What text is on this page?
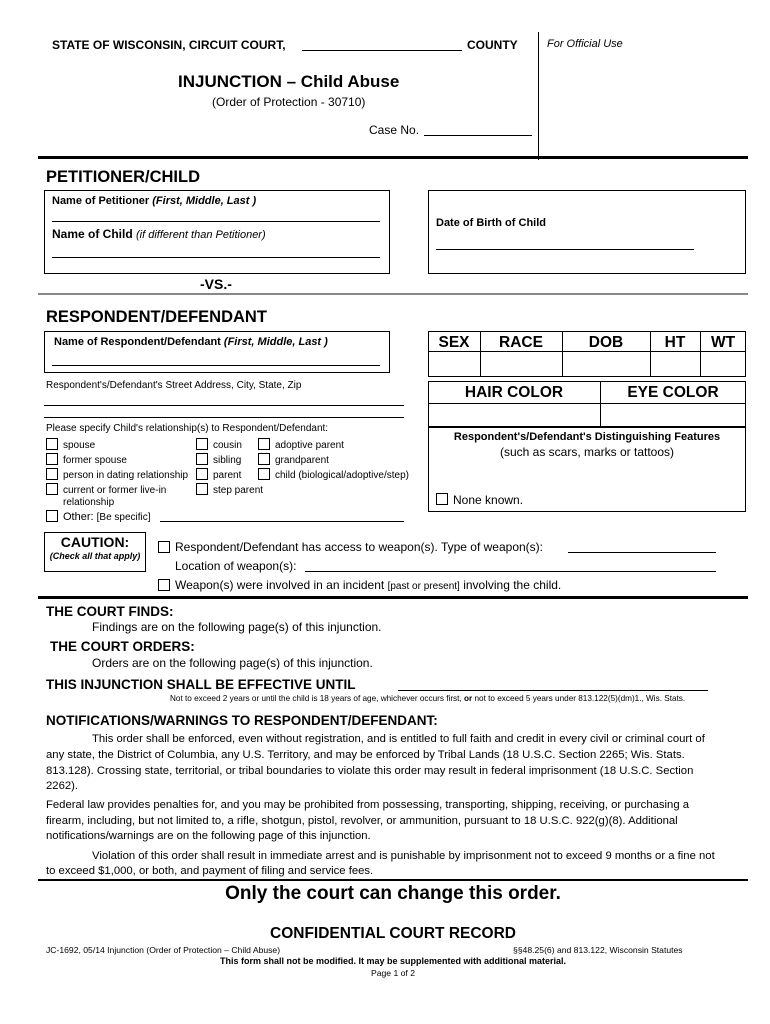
STATE OF WISCONSIN, CIRCUIT COURT,	COUNTY	For Official Use
INJUNCTION – Child Abuse
(Order of Protection - 30710)
Case No.
PETITIONER/CHILD
Name of Petitioner (First, Middle, Last )
Name of Child (if different than Petitioner)
Date of Birth of Child
-VS.-
RESPONDENT/DEFENDANT
Name of Respondent/Defendant (First, Middle, Last )
Respondent's/Defendant's Street Address, City, State, Zip
Please specify Child's relationship(s) to Respondent/Defendant:
spouse
former spouse
person in dating relationship
current or former live-in
relationship
cousin
sibling
parent
step parent
adoptive parent
grandparent
child (biological/adoptive/step)
Other: [Be specific]
SEX	RACE	DOB	HT	WT
HAIR COLOR	EYE COLOR
Respondent's/Defendant's Distinguishing Features
(such as scars, marks or tattoos)
None known.
CAUTION:
(Check all that apply)
Respondent/Defendant has access to weapon(s). Type of weapon(s):
Location of weapon(s):
Weapon(s) were involved in an incident [past or present] involving the child.
THE COURT FINDS:
Findings are on the following page(s) of this injunction.
THE COURT ORDERS:
Orders are on the following page(s) of this injunction.
THIS INJUNCTION SHALL BE EFFECTIVE UNTIL
Not to exceed 2 years or until the child is 18 years of age, whichever occurs first, or not to exceed 5 years under 813.122(5)(dm)1., Wis. Stats.
NOTIFICATIONS/WARNINGS TO RESPONDENT/DEFENDANT:
This order shall be enforced, even without registration, and is entitled to full faith and credit in every civil or criminal court of
any state, the District of Columbia, any U.S. Territory, and may be enforced by Tribal Lands (18 U.S.C. Section 2265; Wis. Stats. 813.128). Crossing state, territorial, or tribal boundaries to violate this order may result in federal imprisonment (18 U.S.C. Section 2262).
Federal law provides penalties for, and you may be prohibited from possessing, transporting, shipping, receiving, or purchasing a firearm, including, but not limited to, a rifle, shotgun, pistol, revolver, or ammunition, pursuant to 18 U.S.C. 922(g)(8). Additional notifications/warnings are on the following page of this injunction.
Violation of this order shall result in immediate arrest and is punishable by imprisonment not to exceed 9 months or a fine not
to exceed $1,000, or both, and payment of filing and service fees.
Only the court can change this order.
CONFIDENTIAL COURT RECORD
JC-1692, 05/14 Injunction (Order of Protection – Child Abuse)	§§48.25(6) and 813.122, Wisconsin Statutes
This form shall not be modified. It may be supplemented with additional material.
Page 1 of 2
